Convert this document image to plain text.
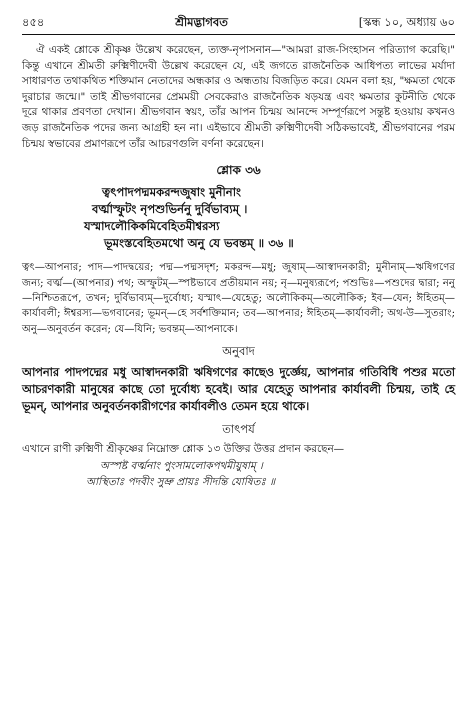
৪৫৪	শ্রীমদ্ভাগবত	[স্কন্ধ ১০, অধ্যায় ৬০

ঐ একই শ্লোকে শ্রীকৃষ্ণ উল্লেখ করেছেন, ত্যক্ত-নৃপাসনান—"আমরা রাজ-সিংহাসন পরিত্যাগ করেছি।" কিন্তু এখানে শ্রীমতী রুক্মিণীদেবী উল্লেখ করেছেন যে, এই জগতে রাজনৈতিক আধিপত্য লাভের মর্যাদা সাধারণত তথাকথিত শক্তিমান নেতাদের অন্ধকার ও অন্ধতায় বিজড়িত করে। যেমন বলা হয়, "ক্ষমতা থেকে দুরাচার জন্মে।" তাই শ্রীভগবানের প্রেমময়ী সেবকেরাও রাজনৈতিক ষড়যন্ত্র এবং ক্ষমতার কুটনীতি থেকে দূরে থাকার প্রবণতা দেখান। শ্রীভগবান স্বয়ং, তাঁর আপন চিন্ময় আনন্দে সম্পূর্ণরূপে সন্তুষ্ট হওয়ায় কখনও জড় রাজনৈতিক পদের জন্য আগ্রহী হন না। এইভাবে শ্রীমতী রুক্মিণীদেবী সঠিকভাবেই, শ্রীভগবানের পরম চিন্ময় স্বভাবের প্রমাণরূপে তাঁর আচরণগুলি বর্ণনা করেছেন।

শ্লোক ৩৬

ত্বৎপাদপদ্মমকরন্দজুষাং মুনীনাং

বর্ত্মাস্ফুটং নৃপশুভির্ননু দুর্বিভাব্যম্ ।

যস্মাদলৌকিকমিবেহিতমীশ্বরস্য

ভূমংস্তবেহিতমথো অনু যে ভবন্তম্ ॥ ৩৬ ॥

ত্বৎ—আপনার; পাদ—পাদদ্বয়ের; পদ্ম—পদ্মসদৃশ; মকরন্দ—মধু; জুষাম্—আস্বাদনকারী; মুনীনাম্—ঋষিগণের জন্য; বর্ত্ম—(আপনার) পথ; অস্ফুটম্—স্পষ্টভাবে প্রতীয়মান নয়; নৃ—মনুষ্যরূপে; পশুভিঃ—পশুদের দ্বারা; ননু—নিশ্চিতরূপে, তখন; দুর্বিভাব্যম্—দুর্বোধ্য; যস্মাৎ—যেহেতু; অলৌকিকম্—অলৌকিক; ইব—যেন; ঈহিতম্—কার্যাবলী; ঈশ্বরস্য—ভগবানের; ভূমন্—হে সর্বশক্তিমান; তব—আপনার; ঈহিতম্—কার্যাবলী; অথ-উ—সুতরাং; অনু—অনুবর্তন করেন; যে—যিনি; ভবন্তম্—আপনাকে।

অনুবাদ

আপনার পাদপদ্মের মধু আস্বাদনকারী ঋষিগণের কাছেও দুর্জ্ঞেয়, আপনার গতিবিধি পশুর মতো আচরণকারী মানুষের কাছে তো দুর্বোধ্য হবেই। আর যেহেতু আপনার কার্যাবলী চিন্ময়, তাই হে ভূমন্, আপনার অনুবর্তনকারীগণের কার্যাবলীও তেমন হয়ে থাকে।

তাৎপর্য

এখানে রাণী রুক্মিণী শ্রীকৃষ্ণের নিম্নোক্ত শ্লোক ১৩ উক্তির উত্তর প্রদান করছেন—

অস্পষ্ট বর্ত্মনাং পুংসামলোকপথমীয়ুষাম্ ।

আস্থিতাঃ পদবীং সুভ্রু প্রায়ঃ সীদন্তি যোষিতঃ ॥
